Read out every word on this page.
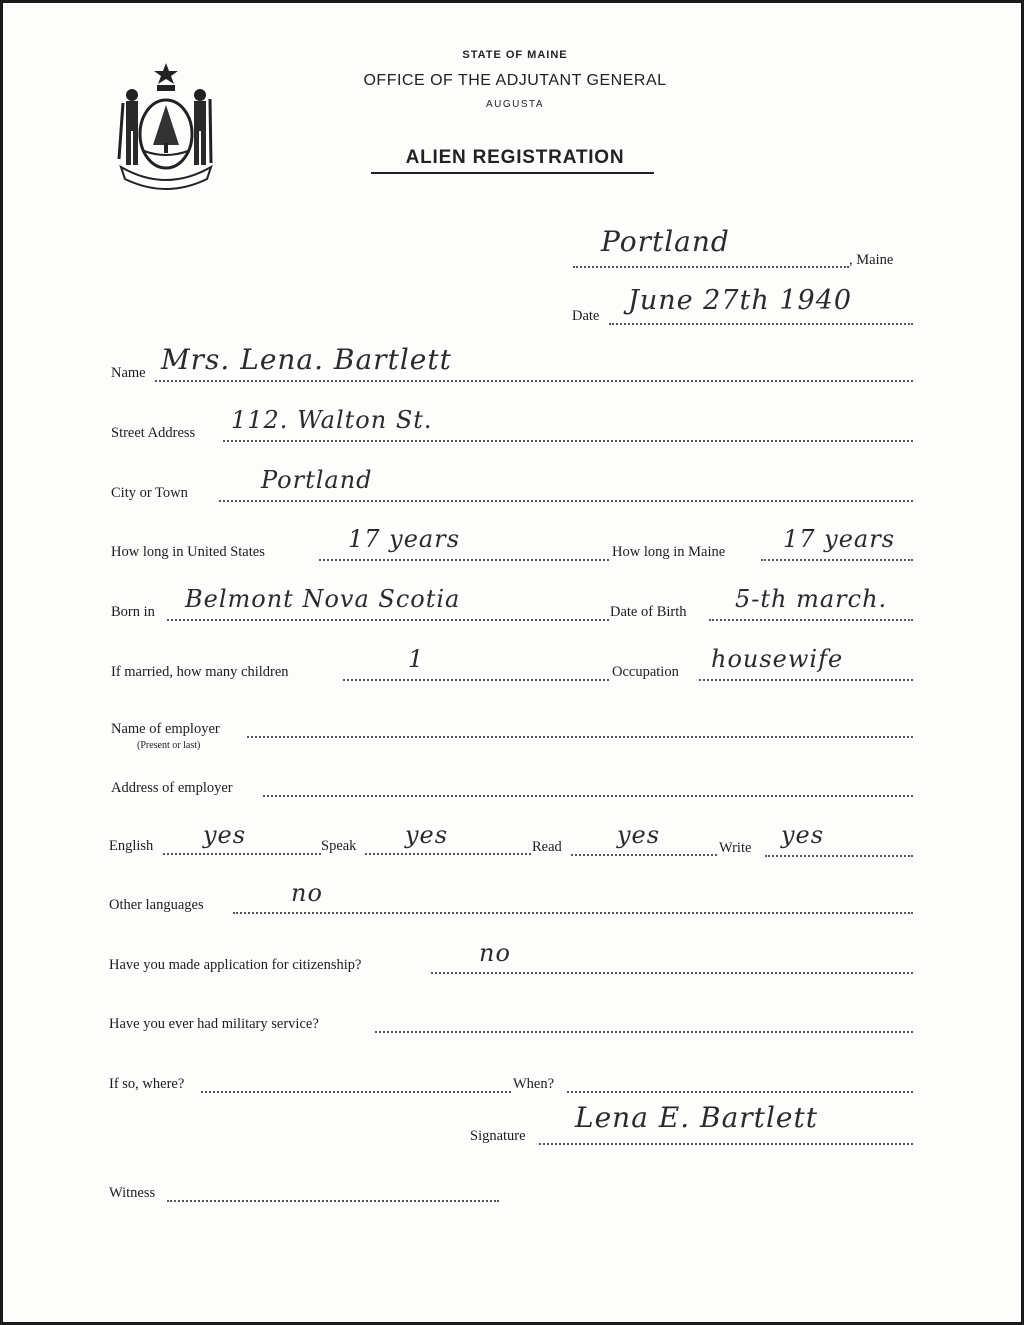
STATE OF MAINE
OFFICE OF THE ADJUTANT GENERAL
AUGUSTA
ALIEN REGISTRATION
Portland
, Maine
Date June 27th 1940
Name Mrs. Lena. Bartlett
Street Address 112. Walton St.
City or Town	Portland
How long in United States	17 years	How long in Maine 17 years
Born in Belmont Nova Scotia	Date of Birth 5-th march.
If married, how many children	1	Occupation housewife
Name of employer
(Present or last)
Address of employer
English yes	Speak yes	Read yes	Write yes
Other languages	no
Have you made application for citizenship?	no
Have you ever had military service?
If so, where?	When?
Signature
Lena E. Bartlett
Witness
